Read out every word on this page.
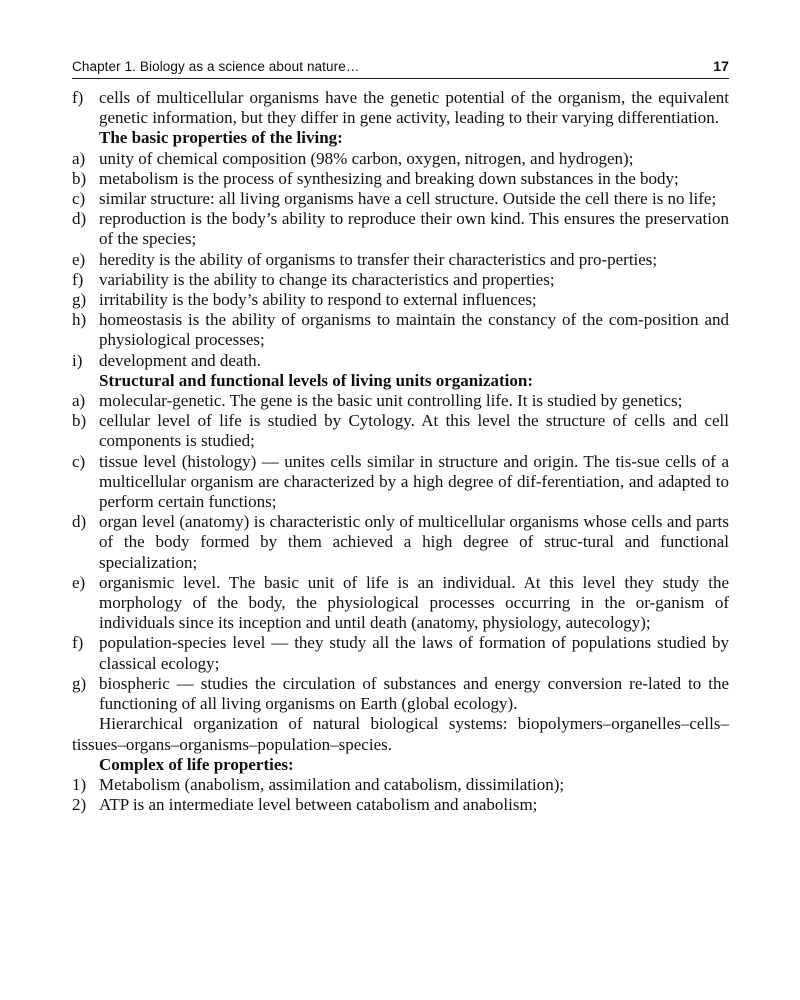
Chapter 1. Biology as a science about nature…	17
f) cells of multicellular organisms have the genetic potential of the organism, the equivalent genetic information, but they differ in gene activity, leading to their varying differentiation.
The basic properties of the living:
a) unity of chemical composition (98% carbon, oxygen, nitrogen, and hydrogen);
b) metabolism is the process of synthesizing and breaking down substances in the body;
c) similar structure: all living organisms have a cell structure. Outside the cell there is no life;
d) reproduction is the body’s ability to reproduce their own kind. This ensures the preservation of the species;
e) heredity is the ability of organisms to transfer their characteristics and pro-perties;
f) variability is the ability to change its characteristics and properties;
g) irritability is the body’s ability to respond to external influences;
h) homeostasis is the ability of organisms to maintain the constancy of the com-position and physiological processes;
i) development and death.
Structural and functional levels of living units organization:
a) molecular-genetic. The gene is the basic unit controlling life. It is studied by genetics;
b) cellular level of life is studied by Cytology. At this level the structure of cells and cell components is studied;
c) tissue level (histology) — unites cells similar in structure and origin. The tis-sue cells of a multicellular organism are characterized by a high degree of dif-ferentiation, and adapted to perform certain functions;
d) organ level (anatomy) is characteristic only of multicellular organisms whose cells and parts of the body formed by them achieved a high degree of struc-tural and functional specialization;
e) organismic level. The basic unit of life is an individual. At this level they study the morphology of the body, the physiological processes occurring in the or-ganism of individuals since its inception and until death (anatomy, physiology, autecology);
f) population-species level — they study all the laws of formation of populations studied by classical ecology;
g) biospheric — studies the circulation of substances and energy conversion re-lated to the functioning of all living organisms on Earth (global ecology).
Hierarchical organization of natural biological systems: biopolymers–organelles–cells–tissues–organs–organisms–population–species.
Complex of life properties:
1) Metabolism (anabolism, assimilation and catabolism, dissimilation);
2) ATP is an intermediate level between catabolism and anabolism;
